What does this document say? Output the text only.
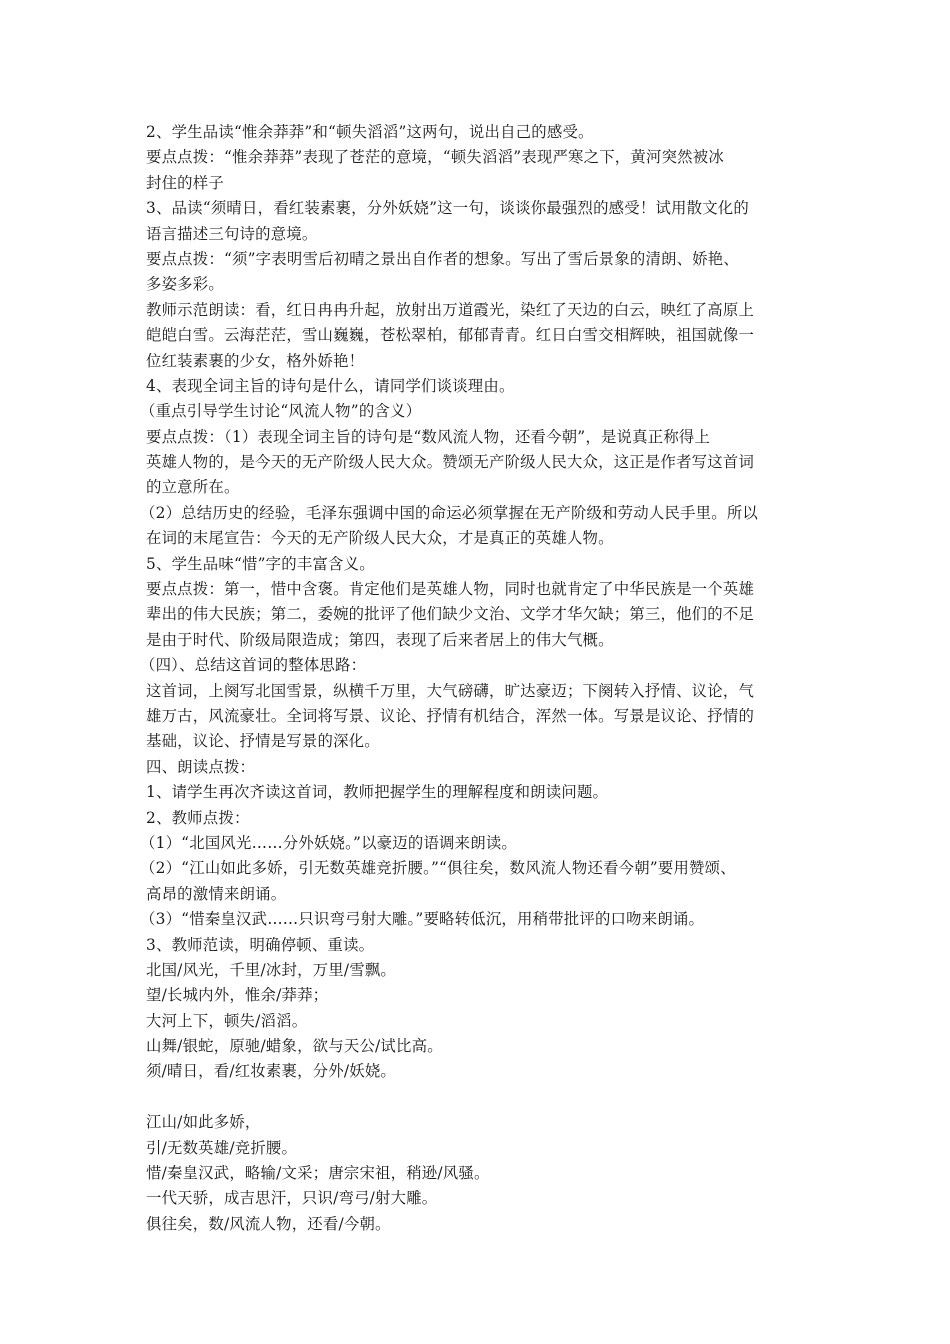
2、学生品读“惟余莽莽”和“顿失滔滔”这两句，说出自己的感受。
要点点拨：“惟余莽莽”表现了苍茫的意境，“顿失滔滔”表现严寒之下，黄河突然被冰
封住的样子
3、品读“须晴日，看红装素裹，分外妖娆”这一句，谈谈你最强烈的感受！试用散文化的
语言描述三句诗的意境。
要点点拨：“须”字表明雪后初晴之景出自作者的想象。写出了雪后景象的清朗、娇艳、
多姿多彩。
教师示范朗读：看，红日冉冉升起，放射出万道霞光，染红了天边的白云，映红了高原上
皑皑白雪。云海茫茫，雪山巍巍，苍松翠柏，郁郁青青。红日白雪交相辉映，祖国就像一
位红装素裹的少女，格外娇艳！
4、表现全词主旨的诗句是什么，请同学们谈谈理由。
（重点引导学生讨论“风流人物”的含义）
要点点拨：（1）表现全词主旨的诗句是“数风流人物，还看今朝”，是说真正称得上
英雄人物的，是今天的无产阶级人民大众。赞颂无产阶级人民大众，这正是作者写这首词
的立意所在。
（2）总结历史的经验，毛泽东强调中国的命运必须掌握在无产阶级和劳动人民手里。所以
在词的末尾宣告：今天的无产阶级人民大众，才是真正的英雄人物。
5、学生品味“惜”字的丰富含义。
要点点拨：第一，惜中含褒。肯定他们是英雄人物，同时也就肯定了中华民族是一个英雄
辈出的伟大民族；第二，委婉的批评了他们缺少文治、文学才华欠缺；第三，他们的不足
是由于时代、阶级局限造成；第四，表现了后来者居上的伟大气概。
（四）、总结这首词的整体思路：
这首词，上阕写北国雪景，纵横千万里，大气磅礴，旷达豪迈；下阕转入抒情、议论，气
雄万古，风流豪壮。全词将写景、议论、抒情有机结合，浑然一体。写景是议论、抒情的
基础，议论、抒情是写景的深化。
四、朗读点拨：
1、请学生再次齐读这首词，教师把握学生的理解程度和朗读问题。
2、教师点拨：
（1）“北国风光……分外妖娆。”以豪迈的语调来朗读。
（2）“江山如此多娇，引无数英雄竞折腰。”“俱往矣，数风流人物还看今朝”要用赞颂、
高昂的激情来朗诵。
（3）“惜秦皇汉武……只识弯弓射大雕。”要略转低沉，用稍带批评的口吻来朗诵。
3、教师范读，明确停顿、重读。
北国/风光，千里/冰封，万里/雪飘。
望/长城内外，惟余/莽莽；
大河上下，顿失/滔滔。
山舞/银蛇，原驰/蜡象，欲与天公/试比高。
须/晴日，看/红妆素裹，分外/妖娆。
江山/如此多娇，
引/无数英雄/竞折腰。
惜/秦皇汉武，略输/文采；唐宗宋祖，稍逊/风骚。
一代天骄，成吉思汗，只识/弯弓/射大雕。
俱往矣，数/风流人物，还看/今朝。
